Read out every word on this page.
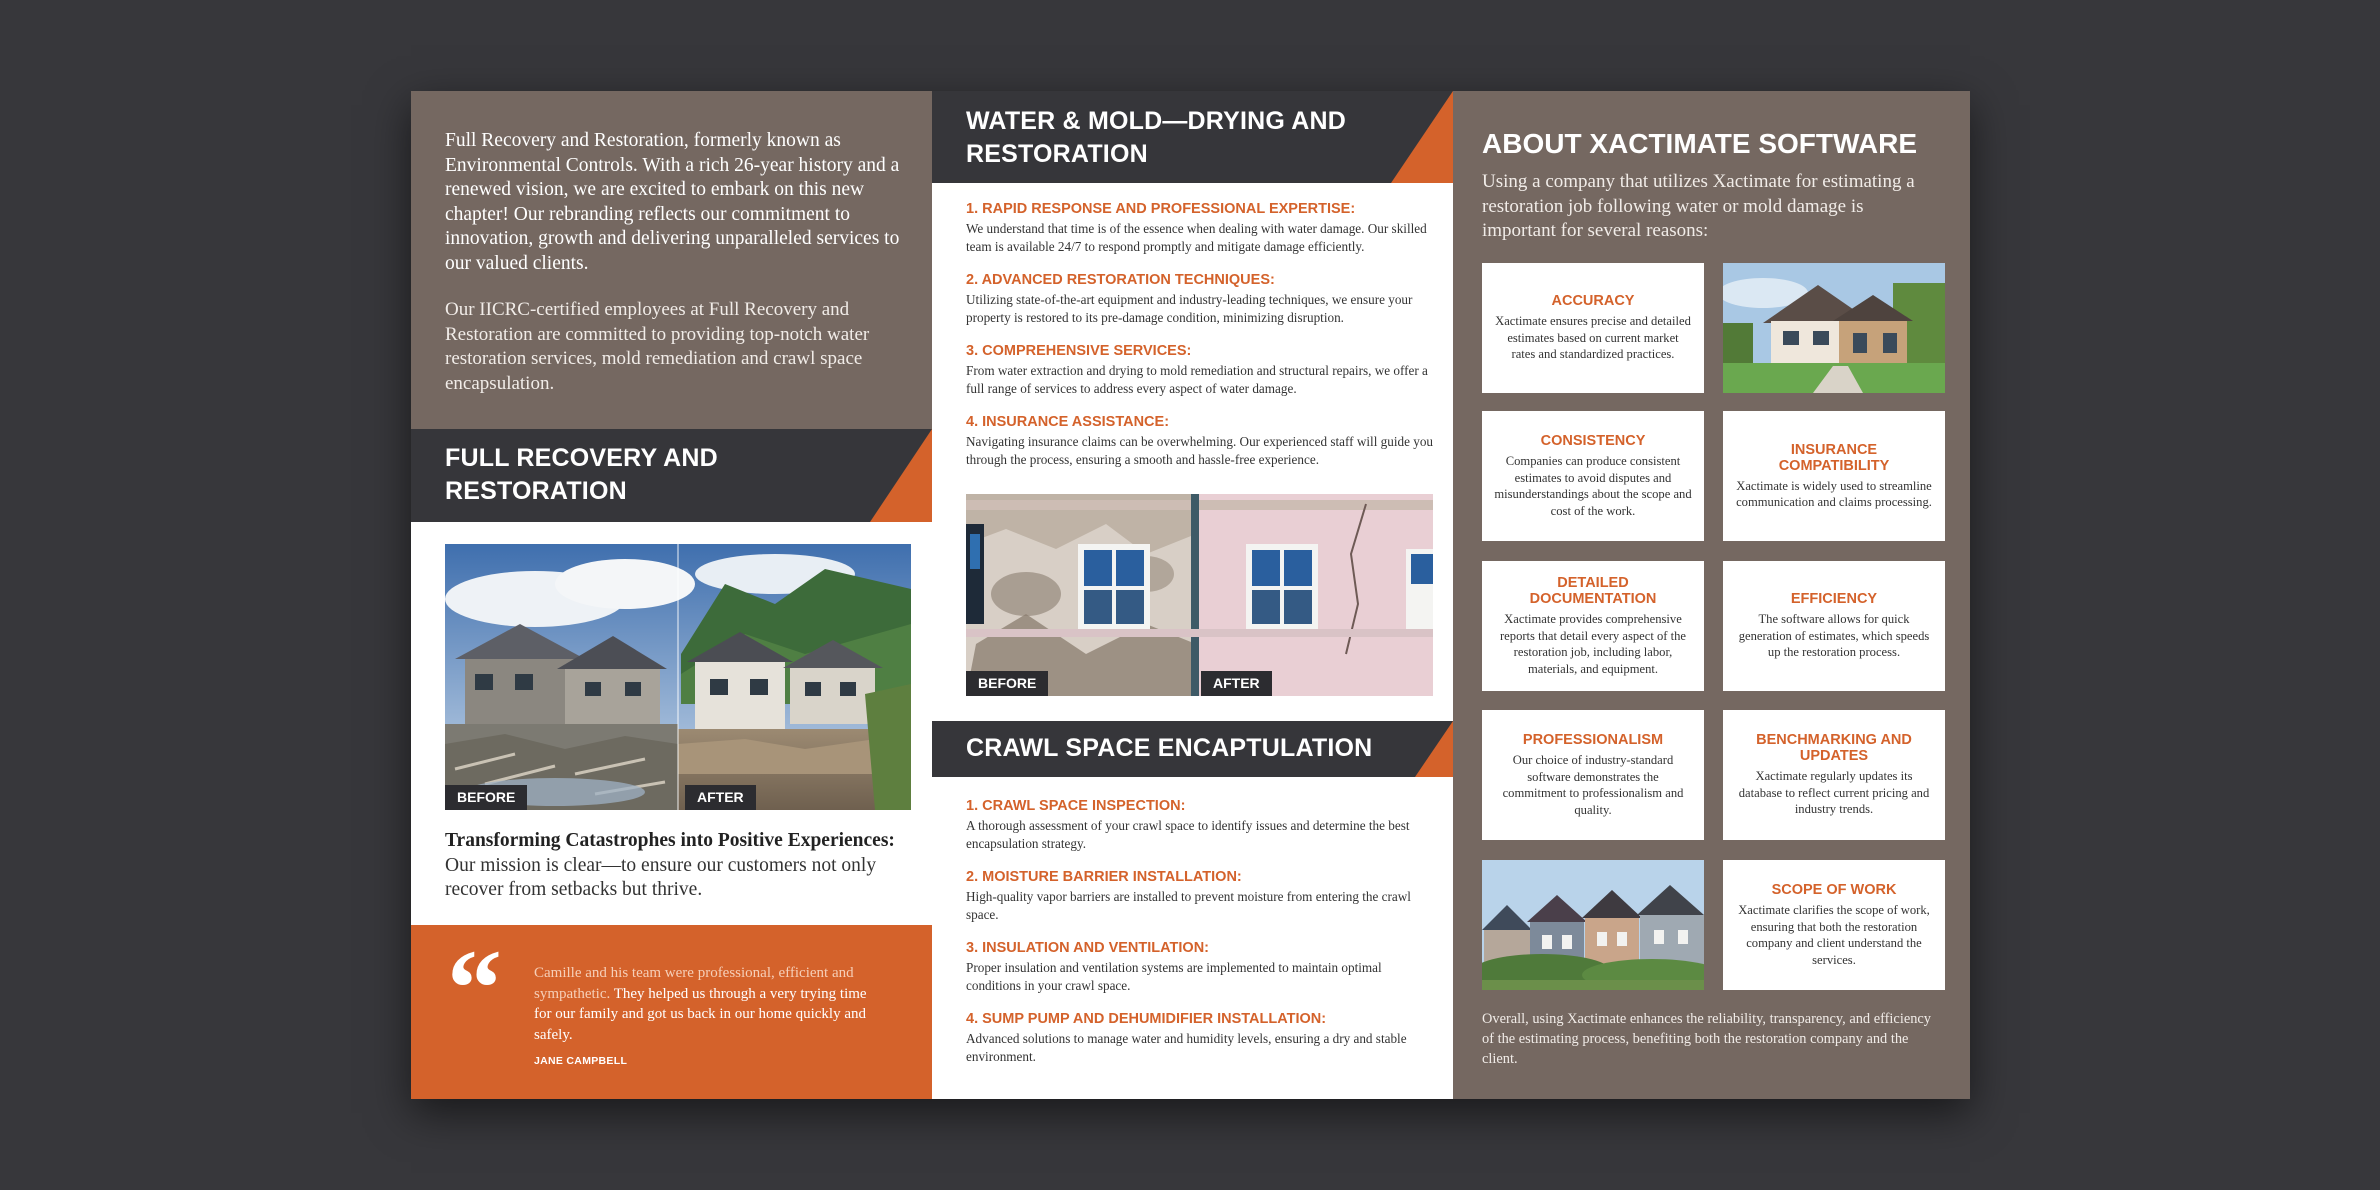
Full Recovery and Restoration, formerly known as Environmental Controls. With a rich 26-year history and a renewed vision, we are excited to embark on this new chapter! Our rebranding reflects our commitment to innovation, growth and delivering unparalleled services to our valued clients.

Our IICRC-certified employees at Full Recovery and Restoration are committed to providing top-notch water restoration services, mold remediation and crawl space encapsulation.

FULL RECOVERY AND RESTORATION
BEFORE	AFTER

Transforming Catastrophes into Positive Experiences: Our mission is clear—to ensure our customers not only recover from setbacks but thrive.

“ Camille and his team were professional, efficient and sympathetic. They helped us through a very trying time for our family and got us back in our home quickly and safely.

JANE CAMPBELL
WATER & MOLD—DRYING AND RESTORATION
1. RAPID RESPONSE AND PROFESSIONAL EXPERTISE:

We understand that time is of the essence when dealing with water damage. Our skilled team is available 24/7 to respond promptly and mitigate damage efficiently.

2. ADVANCED RESTORATION TECHNIQUES:

Utilizing state-of-the-art equipment and industry-leading techniques, we ensure your property is restored to its pre-damage condition, minimizing disruption.

3. COMPREHENSIVE SERVICES:

From water extraction and drying to mold remediation and structural repairs, we offer a full range of services to address every aspect of water damage.

4. INSURANCE ASSISTANCE:

Navigating insurance claims can be overwhelming. Our experienced staff will guide you through the process, ensuring a smooth and hassle-free experience.

BEFORE	AFTER
CRAWL SPACE ENCAPTULATION
1. CRAWL SPACE INSPECTION:

A thorough assessment of your crawl space to identify issues and determine the best encapsulation strategy.

2. MOISTURE BARRIER INSTALLATION:

High-quality vapor barriers are installed to prevent moisture from entering the crawl space.

3. INSULATION AND VENTILATION:

Proper insulation and ventilation systems are implemented to maintain optimal conditions in your crawl space.

4. SUMP PUMP AND DEHUMIDIFIER INSTALLATION:

Advanced solutions to manage water and humidity levels, ensuring a dry and stable environment.

ABOUT XACTIMATE SOFTWARE

Using a company that utilizes Xactimate for estimating a restoration job following water or mold damage is important for several reasons:

ACCURACY

Xactimate ensures precise and detailed estimates based on current market rates and standardized practices.

CONSISTENCY

Companies can produce consistent estimates to avoid disputes and misunderstandings about the scope and cost of the work.

INSURANCE COMPATIBILITY

Xactimate is widely used to streamline communication and claims processing.

DETAILED DOCUMENTATION

Xactimate provides comprehensive reports that detail every aspect of the restoration job, including labor, materials, and equipment.

EFFICIENCY

The software allows for quick generation of estimates, which speeds up the restoration process.

PROFESSIONALISM

Our choice of industry-standard software demonstrates the commitment to professionalism and quality.

BENCHMARKING AND UPDATES

Xactimate regularly updates its database to reflect current pricing and industry trends.

SCOPE OF WORK

Xactimate clarifies the scope of work, ensuring that both the restoration company and client understand the services.

Overall, using Xactimate enhances the reliability, transparency, and efficiency of the estimating process, benefiting both the restoration company and the client.
